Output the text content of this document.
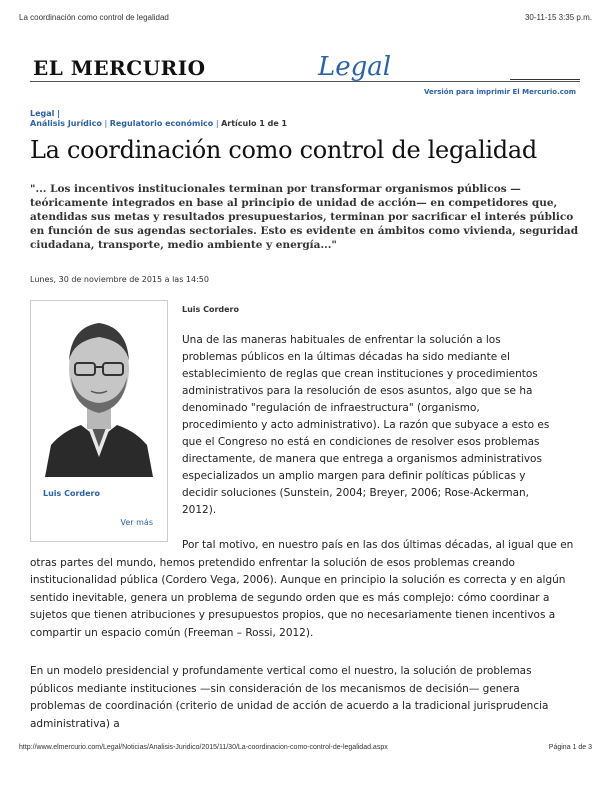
La coordinación como control de legalidad	30-11-15 3:35 p.m.
EL MERCURIO	Legal
Versión para imprimir El Mercurio.com
Legal |
Análisis Jurídico | Regulatorio económico | Artículo 1 de 1
La coordinación como control de legalidad

"... Los incentivos institucionales terminan por transformar organismos públicos —teóricamente integrados en base al principio de unidad de acción— en competidores que, atendidas sus metas y resultados presupuestarios, terminan por sacrificar el interés público en función de sus agendas sectoriales. Esto es evidente en ámbitos como vivienda, seguridad ciudadana, transporte, medio ambiente y energía..."

Lunes, 30 de noviembre de 2015 a las 14:50
Luis Cordero
Ver más
Luis Cordero

Una de las maneras habituales de enfrentar la solución a los problemas públicos en la últimas décadas ha sido mediante el establecimiento de reglas que crean instituciones y procedimientos administrativos para la resolución de esos asuntos, algo que se ha denominado "regulación de infraestructura" (organismo, procedimiento y acto administrativo). La razón que subyace a esto es que el Congreso no está en condiciones de resolver esos problemas directamente, de manera que entrega a organismos administrativos especializados un amplio margen para definir políticas públicas y decidir soluciones (Sunstein, 2004; Breyer, 2006; Rose-Ackerman, 2012).

Por tal motivo, en nuestro país en las dos últimas décadas, al igual que en otras partes del mundo, hemos pretendido enfrentar la solución de esos problemas creando institucionalidad pública (Cordero Vega, 2006). Aunque en principio la solución es correcta y en algún sentido inevitable, genera un problema de segundo orden que es más complejo: cómo coordinar a sujetos que tienen atribuciones y presupuestos propios, que no necesariamente tienen incentivos a compartir un espacio común (Freeman – Rossi, 2012).

En un modelo presidencial y profundamente vertical como el nuestro, la solución de problemas públicos mediante instituciones —sin consideración de los mecanismos de decisión— genera problemas de coordinación (criterio de unidad de acción de acuerdo a la tradicional jurisprudencia administrativa) a

http://www.elmercurio.com/Legal/Noticias/Analisis-Juridico/2015/11/30/La-coordinacion-como-control-de-legalidad.aspx	Página 1 de 3
